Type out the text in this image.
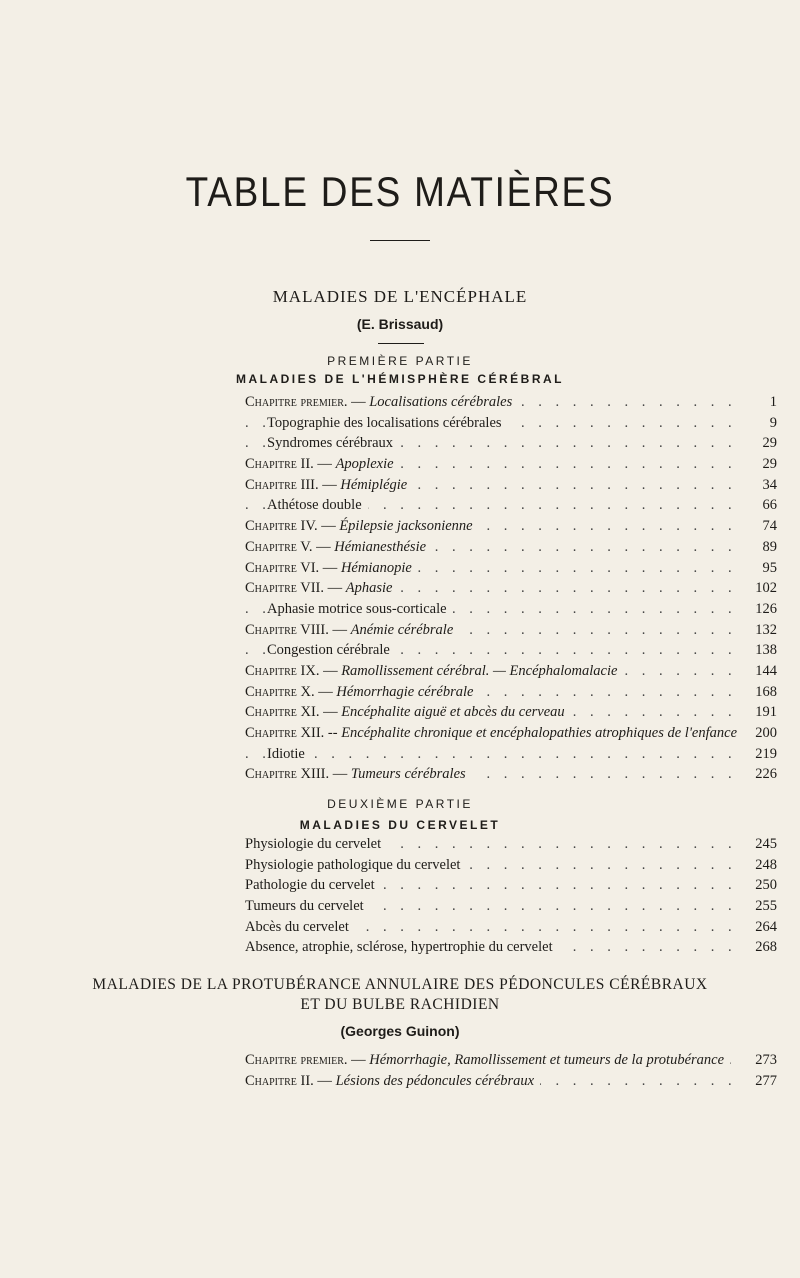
TABLE DES MATIÈRES
MALADIES DE L'ENCÉPHALE
(E. Brissaud)
PREMIÈRE PARTIE
MALADIES DE L'HÉMISPHÈRE CÉRÉBRAL
. . .
Chapitre premier. — Localisations cérébrales	1
. . .
Topographie des localisations cérébrales	9
. . .
Syndromes cérébraux	29
. . .
Chapitre II. — Apoplexie	29
. . .
Chapitre III. — Hémiplégie	34
. . .
Athétose double	66
. . .
Chapitre IV. — Épilepsie jacksonienne	74
. . .
Chapitre V. — Hémianesthésie	89
. . .
Chapitre VI. — Hémianopie	95
. . .
Chapitre VII. — Aphasie	102
. . .
Aphasie motrice sous-corticale	126
. . .
Chapitre VIII. — Anémie cérébrale	132
. . .
Congestion cérébrale	138
. . .
Chapitre IX. — Ramollissement cérébral. — Encéphalomalacie	144
. . .
Chapitre X. — Hémorrhagie cérébrale	168
. . .
Chapitre XI. — Encéphalite aiguë et abcès du cerveau	191
. . .
Chapitre XII. -- Encéphalite chronique et encéphalopathies atrophiques de l'enfance	200
. . .
Idiotie	219
. . .
Chapitre XIII. — Tumeurs cérébrales	226
DEUXIÈME PARTIE
MALADIES DU CERVELET
. . .
Physiologie du cervelet	245
. . .
Physiologie pathologique du cervelet	248
. . .
Pathologie du cervelet	250
. . .
Tumeurs du cervelet	255
. . .
Abcès du cervelet	264
. . .
Absence, atrophie, sclérose, hypertrophie du cervelet	268
MALADIES DE LA PROTUBÉRANCE ANNULAIRE DES PÉDONCULES CÉRÉBRAUX
ET DU BULBE RACHIDIEN
(Georges Guinon)
. . .
Chapitre premier. — Hémorrhagie, Ramollissement et tumeurs de la protubérance	273
. . .
Chapitre II. — Lésions des pédoncules cérébraux	277
